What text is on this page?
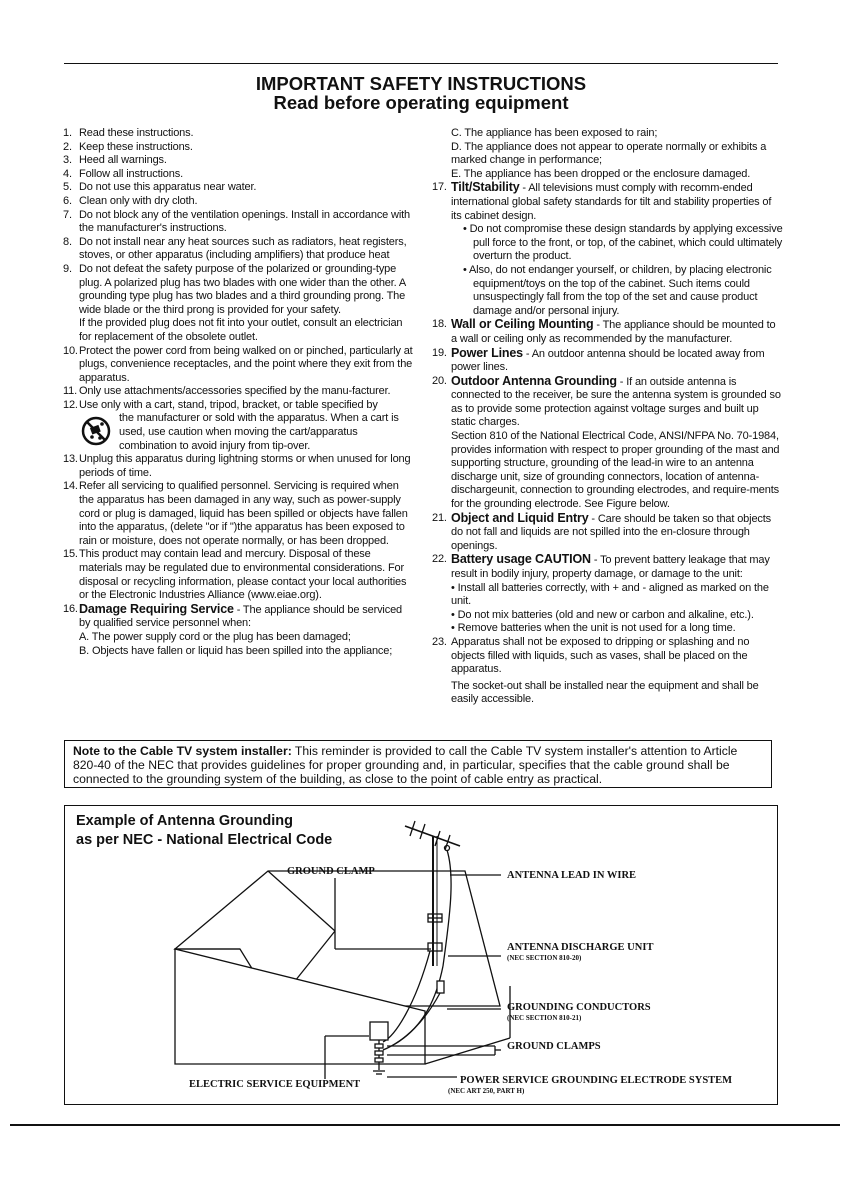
IMPORTANT SAFETY INSTRUCTIONS
Read before operating equipment
1. Read these instructions.
2. Keep these instructions.
3. Heed all warnings.
4. Follow all instructions.
5. Do not use this apparatus near water.
6. Clean only with dry cloth.
7. Do not block any of the ventilation openings. Install in accordance with the manufacturer's instructions.
8. Do not install near any heat sources such as radiators, heat registers, stoves, or other apparatus (including amplifiers) that produce heat
9. Do not defeat the safety purpose of the polarized or grounding-type plug. A polarized plug has two blades with one wider than the other. A grounding type plug has two blades and a third grounding prong. The wide blade or the third prong is provided for your safety.
If the provided plug does not fit into your outlet, consult an electrician for replacement of the obsolete outlet.
10. Protect the power cord from being walked on or pinched, particularly at plugs, convenience receptacles, and the point where they exit from the apparatus.
11. Only use attachments/accessories specified by the manu-facturer.
12. Use only with a cart, stand, tripod, bracket, or table specified by
the manufacturer or sold with the apparatus. When a cart is used, use caution when moving the cart/apparatus combination to avoid injury from tip-over.
13. Unplug this apparatus during lightning storms or when unused for long periods of time.
14. Refer all servicing to qualified personnel. Servicing is required when the apparatus has been damaged in any way, such as power-supply cord or plug is damaged, liquid has been spilled or objects have fallen into the apparatus, (delete "or if ")the apparatus has been exposed to rain or moisture, does not operate normally, or has been dropped.
15. This product may contain lead and mercury. Disposal of these materials may be regulated due to environmental considerations. For disposal or recycling information, please contact your local authorities or the Electronic Industries Alliance (www.eiae.org).
16. Damage Requiring Service - The appliance should be serviced by qualified service personnel when:
A. The power supply cord or the plug has been damaged;
B. Objects have fallen or liquid has been spilled into the appliance;
C. The appliance has been exposed to rain;
D. The appliance does not appear to operate normally or exhibits a marked change in performance;
E. The appliance has been dropped or the enclosure damaged.
17. Tilt/Stability - All televisions must comply with recomm-ended international global safety standards for tilt and stability properties of its cabinet design.
• Do not compromise these design standards by applying excessive pull force to the front, or top, of the cabinet, which could ultimately overturn the product.
• Also, do not endanger yourself, or children, by placing electronic equipment/toys on the top of the cabinet. Such items could unsuspectingly fall from the top of the set and cause product damage and/or personal injury.
18. Wall or Ceiling Mounting - The appliance should be mounted to a wall or ceiling only as recommended by the manufacturer.
19. Power Lines - An outdoor antenna should be located away from power lines.
20. Outdoor Antenna Grounding - If an outside antenna is connected to the receiver, be sure the antenna system is grounded so as to provide some protection against voltage surges and built up static charges.
Section 810 of the National Electrical Code, ANSI/NFPA No. 70-1984, provides information with respect to proper grounding of the mast and supporting structure, grounding of the lead-in wire to an antenna discharge unit, size of grounding connectors, location of antenna-dischargeunit, connection to grounding electrodes, and require-ments for the grounding electrode. See Figure below.
21. Object and Liquid Entry - Care should be taken so that objects do not fall and liquids are not spilled into the en-closure through openings.
22. Battery usage CAUTION - To prevent battery leakage that may result in bodily injury, property damage, or damage to the unit:
• Install all batteries correctly, with + and - aligned as marked on the unit.
• Do not mix batteries (old and new or carbon and alkaline, etc.).
• Remove batteries when the unit is not used for a long time.
23. Apparatus shall not be exposed to dripping or splashing and no objects filled with liquids, such as vases, shall be placed on the apparatus.
The socket-out shall be installed near the equipment and shall be easily accessible.
Note to the Cable TV system installer: This reminder is provided to call the Cable TV system installer's attention to Article 820-40 of the NEC that provides guidelines for proper grounding and, in particular, specifies that the cable ground shall be connected to the grounding system of the building, as close to the point of cable entry as practical.
Example of Antenna Grounding
as per NEC - National Electrical Code
GROUND CLAMP	ANTENNA LEAD IN WIRE
ANTENNA DISCHARGE UNIT
(NEC SECTION 810-20)
GROUNDING CONDUCTORS
(NEC SECTION 810-21)
GROUND CLAMPS
ELECTRIC SERVICE EQUIPMENT	POWER SERVICE GROUNDING ELECTRODE SYSTEM
(NEC ART 250, PART H)
